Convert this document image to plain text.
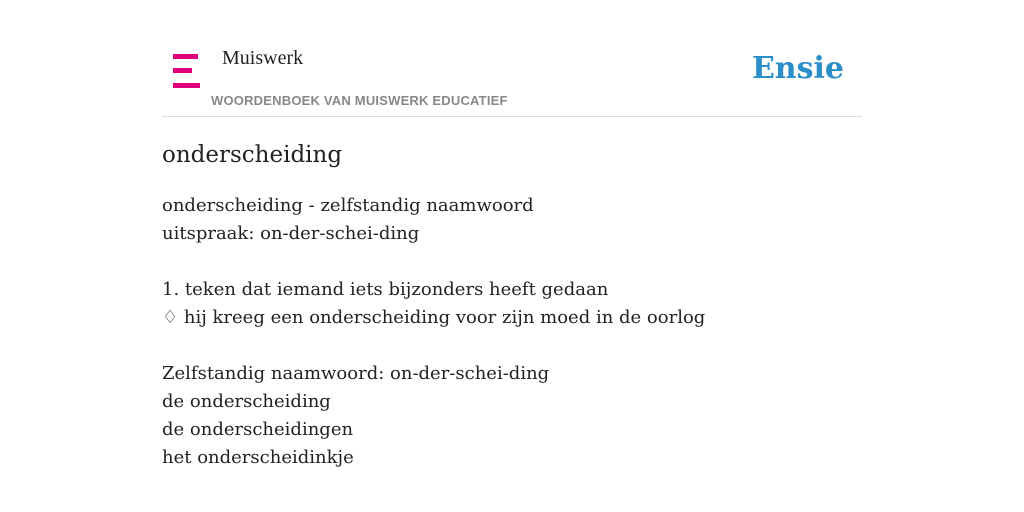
Muiswerk
WOORDENBOEK VAN MUISWERK EDUCATIEF
Ensie
onderscheiding
onderscheiding - zelfstandig naamwoord
uitspraak: on-der-schei-ding
1. teken dat iemand iets bijzonders heeft gedaan
♢ hij kreeg een onderscheiding voor zijn moed in de oorlog
Zelfstandig naamwoord: on-der-schei-ding
de onderscheiding
de onderscheidingen
het onderscheidinkje
